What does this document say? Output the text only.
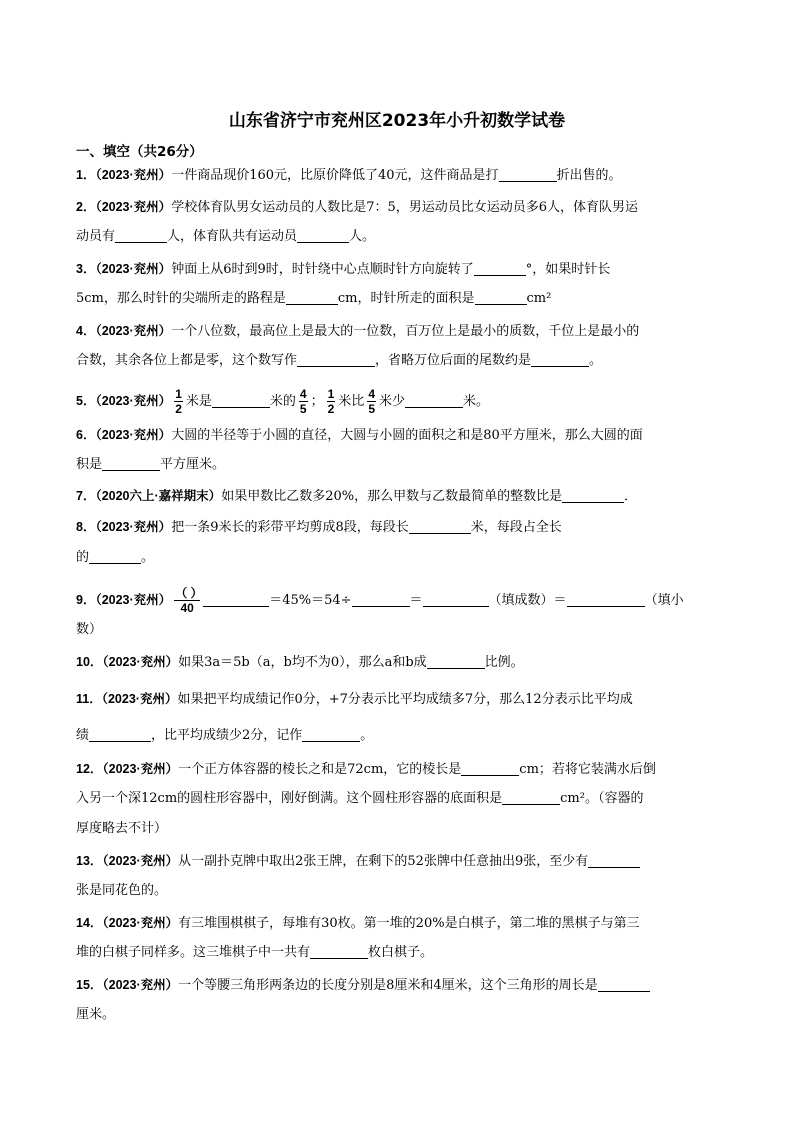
山东省济宁市兖州区2023年小升初数学试卷
一、填空（共26分）
1．（2023·兖州）一件商品现价160元，比原价降低了40元，这件商品是打	折出售的。
2．（2023·兖州）学校体育队男女运动员的人数比是7：5，男运动员比女运动员多6人，体育队男运
动员有	人，体育队共有运动员	人。
3．（2023·兖州）钟面上从6时到9时，时针绕中心点顺时针方向旋转了	°，如果时针长
5cm，那么时针的尖端所走的路程是	cm，时针所走的面积是	cm²
4．（2023·兖州）一个八位数，最高位上是最大的一位数，百万位上是最小的质数，千位上是最小的
合数，其余各位上都是零，这个数写作	，省略万位后面的尾数约是	。
5．（2023·兖州） $\frac{1}{2}$ 米是	米的 $\frac{4}{5}$ ； $\frac{1}{2}$ 米比 $\frac{4}{5}$ 米少	米。
6．（2023·兖州）大圆的半径等于小圆的直径，大圆与小圆的面积之和是80平方厘米，那么大圆的面
积是	平方厘米。
7．（2020六上·嘉祥期末）如果甲数比乙数多20%，那么甲数与乙数最简单的整数比是	．
8．（2023·兖州）把一条9米长的彩带平均剪成8段，每段长	米，每段占全长
的	。
9．（2023·兖州） $\frac{( )}{40}$	＝45%＝54÷	＝	（填成数）＝	（填小
数）
10．（2023·兖州）如果3a＝5b（a，b均不为0），那么a和b成	比例。
11．（2023·兖州）如果把平均成绩记作0分，+7分表示比平均成绩多7分，那么12分表示比平均成
绩	，比平均成绩少2分，记作	。
12．（2023·兖州）一个正方体容器的棱长之和是72cm，它的棱长是	cm；若将它装满水后倒
入另一个深12cm的圆柱形容器中，刚好倒满。这个圆柱形容器的底面积是	cm²。（容器的
厚度略去不计）
13．（2023·兖州）从一副扑克牌中取出2张王牌，在剩下的52张牌中任意抽出9张，至少有
张是同花色的。
14．（2023·兖州）有三堆围棋棋子，每堆有30枚。第一堆的20%是白棋子，第二堆的黑棋子与第三
堆的白棋子同样多。这三堆棋子中一共有	枚白棋子。
15．（2023·兖州）一个等腰三角形两条边的长度分别是8厘米和4厘米，这个三角形的周长是
厘米。
